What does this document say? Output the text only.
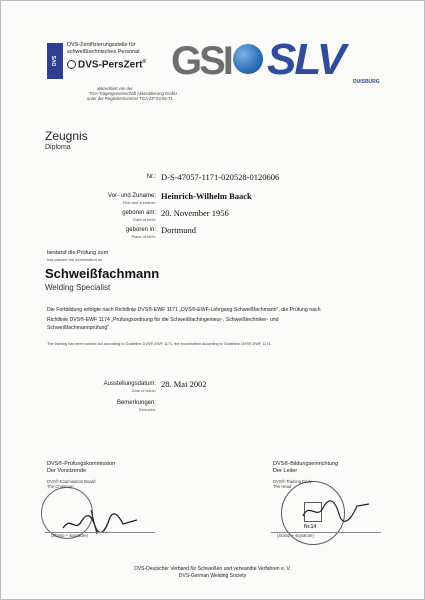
DVS
DVS-Zertifizierungsstelle für
schweißtechnisches Personal
DVS-PersZert®
akkreditiert von der
TGA-Trägergemeinschaft Akkreditierung GmbH
unter der Registriernummer TGA-ZP-03-92-71
GSI SLV DUISBURG
Zeugnis
Diploma
Nr.: D-S-47057-1171-020528-0120606
Vor- und Zuname:
First and surname:
Heinrich-Wilhelm Baack
geboren am:
Date of birth:
20. November 1956
geboren in:
Place of birth:
Dortmund
bestand die Prüfung zum
has passed the examination as
Schweißfachmann
Welding Specialist
Die Fortbildung erfolgte nach Richtlinie DVS®-EWF 1171 „DVS®-EWF-Lehrgang Schweißfachmann", die Prüfung nach
Richtlinie DVS®-EWF 1174 „Prüfungsordnung für die Schweißfachingenieur-, Schweißtechniker- und
Schweißfachmannprüfung".
The training has been carried out according to Guideline DVS®-EWF 1171, the examination according to Guideline DVS®-EWF 1174.
Ausstellungsdatum:
Date of issue:
28. Mai 2002
Bemerkungen:
Remarks:
DVS®-Prüfungskommission
Der Vorsitzende
DVS®-Examination Board
The Chairman
(Stamp + signature)
DVS®-Bildungseinrichtung
Der Leiter
DVS®-Training Body
The Head
(Stamp + signature)
Nr.14
DVS-Deutscher Verband für Schweißen und verwandte Verfahren e. V.
DVS-German Welding Society
